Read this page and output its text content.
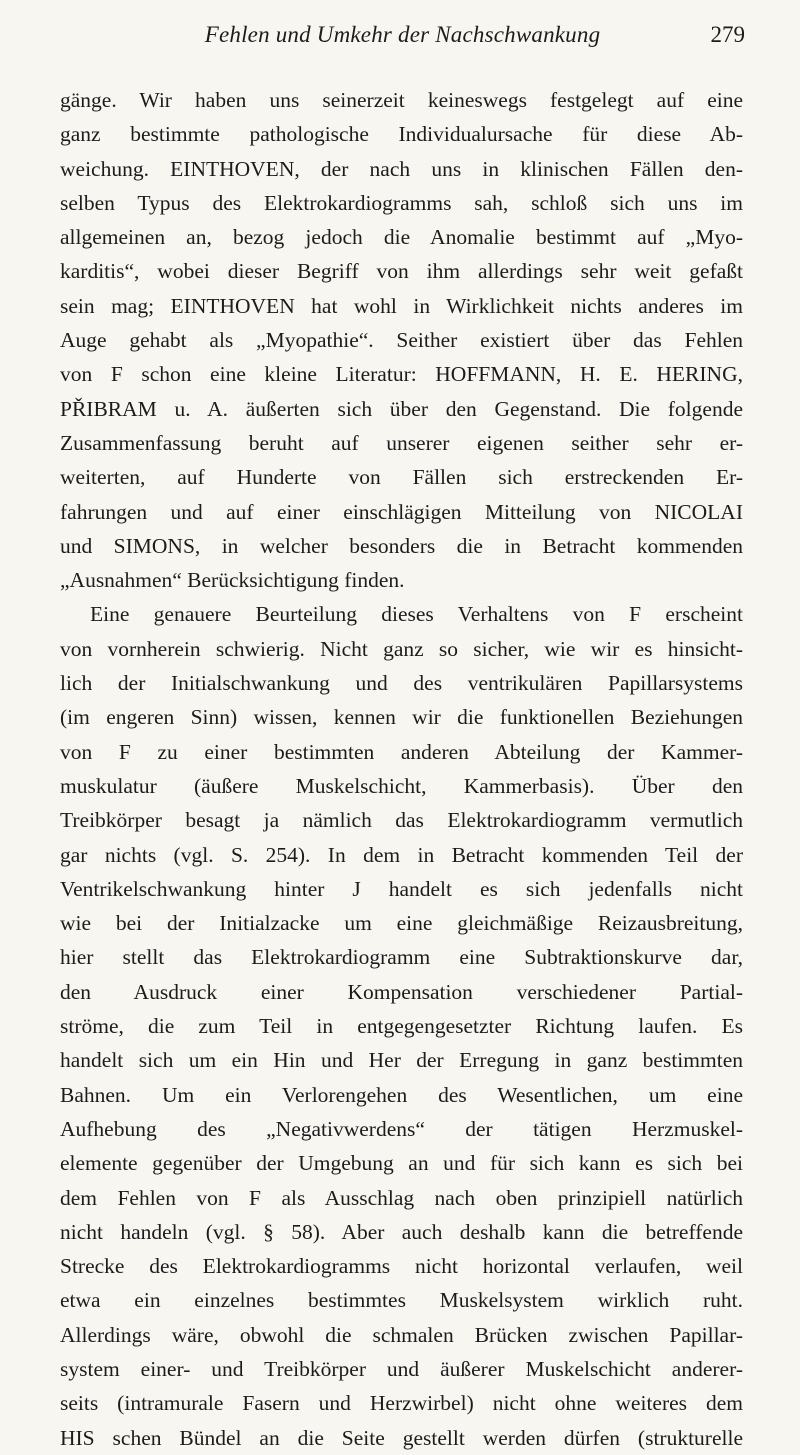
Fehlen und Umkehr der Nachschwankung	279
gänge. Wir haben uns seinerzeit keineswegs festgelegt auf eine
ganz bestimmte pathologische Individualursache für diese Ab-
weichung. EINTHOVEN, der nach uns in klinischen Fällen den-
selben Typus des Elektrokardiogramms sah, schloß sich uns im
allgemeinen an, bezog jedoch die Anomalie bestimmt auf „Myo-
karditis“, wobei dieser Begriff von ihm allerdings sehr weit gefaßt
sein mag; EINTHOVEN hat wohl in Wirklichkeit nichts anderes im
Auge gehabt als „Myopathie“. Seither existiert über das Fehlen
von F schon eine kleine Literatur: HOFFMANN, H. E. HERING,
PŘIBRAM u. A. äußerten sich über den Gegenstand. Die folgende
Zusammenfassung beruht auf unserer eigenen seither sehr er-
weiterten, auf Hunderte von Fällen sich erstreckenden Er-
fahrungen und auf einer einschlägigen Mitteilung von NICOLAI
und SIMONS, in welcher besonders die in Betracht kommenden
„Ausnahmen“ Berücksichtigung finden.
Eine genauere Beurteilung dieses Verhaltens von F erscheint
von vornherein schwierig. Nicht ganz so sicher, wie wir es hinsicht-
lich der Initialschwankung und des ventrikulären Papillarsystems
(im engeren Sinn) wissen, kennen wir die funktionellen Beziehungen
von F zu einer bestimmten anderen Abteilung der Kammer-
muskulatur (äußere Muskelschicht, Kammerbasis). Über den
Treibkörper besagt ja nämlich das Elektrokardiogramm vermutlich
gar nichts (vgl. S. 254). In dem in Betracht kommenden Teil der
Ventrikelschwankung hinter J handelt es sich jedenfalls nicht
wie bei der Initialzacke um eine gleichmäßige Reizausbreitung,
hier stellt das Elektrokardiogramm eine Subtraktionskurve dar,
den Ausdruck einer Kompensation verschiedener Partial-
ströme, die zum Teil in entgegengesetzter Richtung laufen. Es
handelt sich um ein Hin und Her der Erregung in ganz bestimmten
Bahnen. Um ein Verlorengehen des Wesentlichen, um eine
Aufhebung des „Negativwerdens“ der tätigen Herzmuskel-
elemente gegenüber der Umgebung an und für sich kann es sich bei
dem Fehlen von F als Ausschlag nach oben prinzipiell natürlich
nicht handeln (vgl. § 58). Aber auch deshalb kann die betreffende
Strecke des Elektrokardiogramms nicht horizontal verlaufen, weil
etwa ein einzelnes bestimmtes Muskelsystem wirklich ruht.
Allerdings wäre, obwohl die schmalen Brücken zwischen Papillar-
system einer- und Treibkörper und äußerer Muskelschicht anderer-
seits (intramurale Fasern und Herzwirbel) nicht ohne weiteres dem
HIS schen Bündel an die Seite gestellt werden dürfen (strukturelle
